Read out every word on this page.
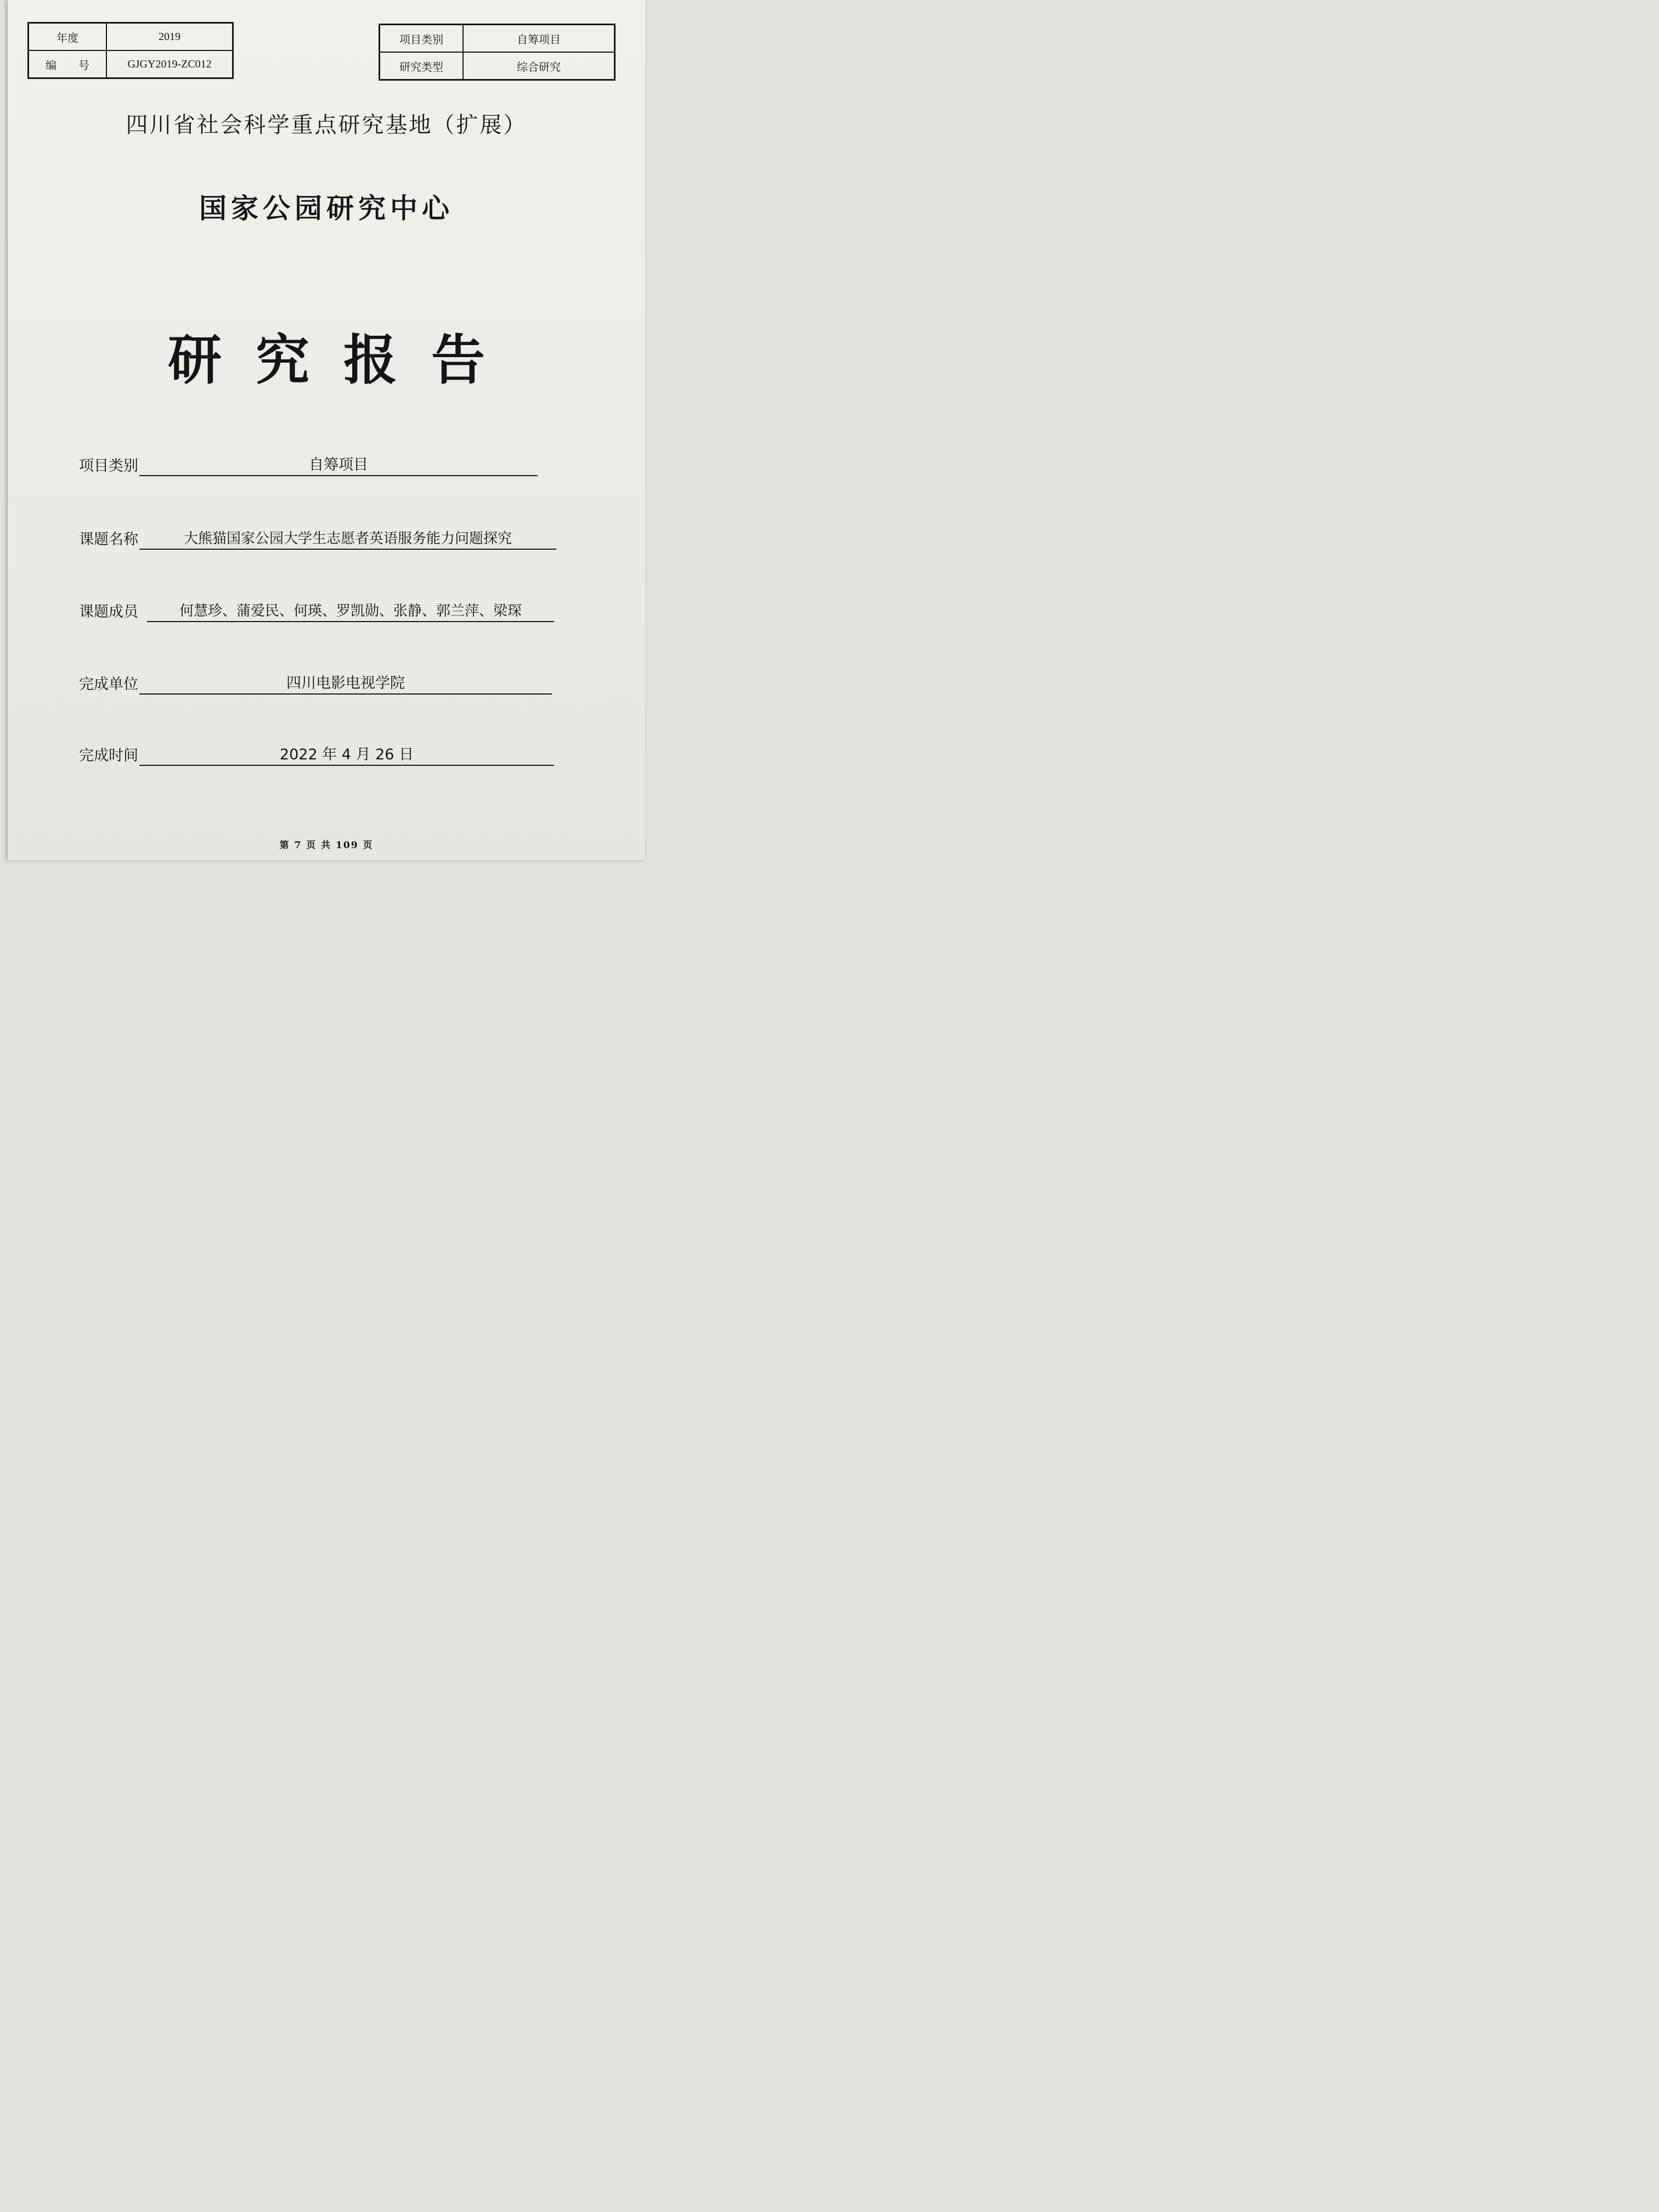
年度	2019
编　　号	GJGY2019-ZC012
项目类别	自筹项目
研究类型	综合研究
四川省社会科学重点研究基地（扩展）
国家公园研究中心
研究报告
项目类别	自筹项目
课题名称	大熊猫国家公园大学生志愿者英语服务能力问题探究
课题成员	何慧珍、蒲爱民、何瑛、罗凯勋、张静、郭兰萍、梁琛
完成单位	四川电影电视学院
完成时间	2022 年 4 月 26 日
第 7 页 共 109 页
